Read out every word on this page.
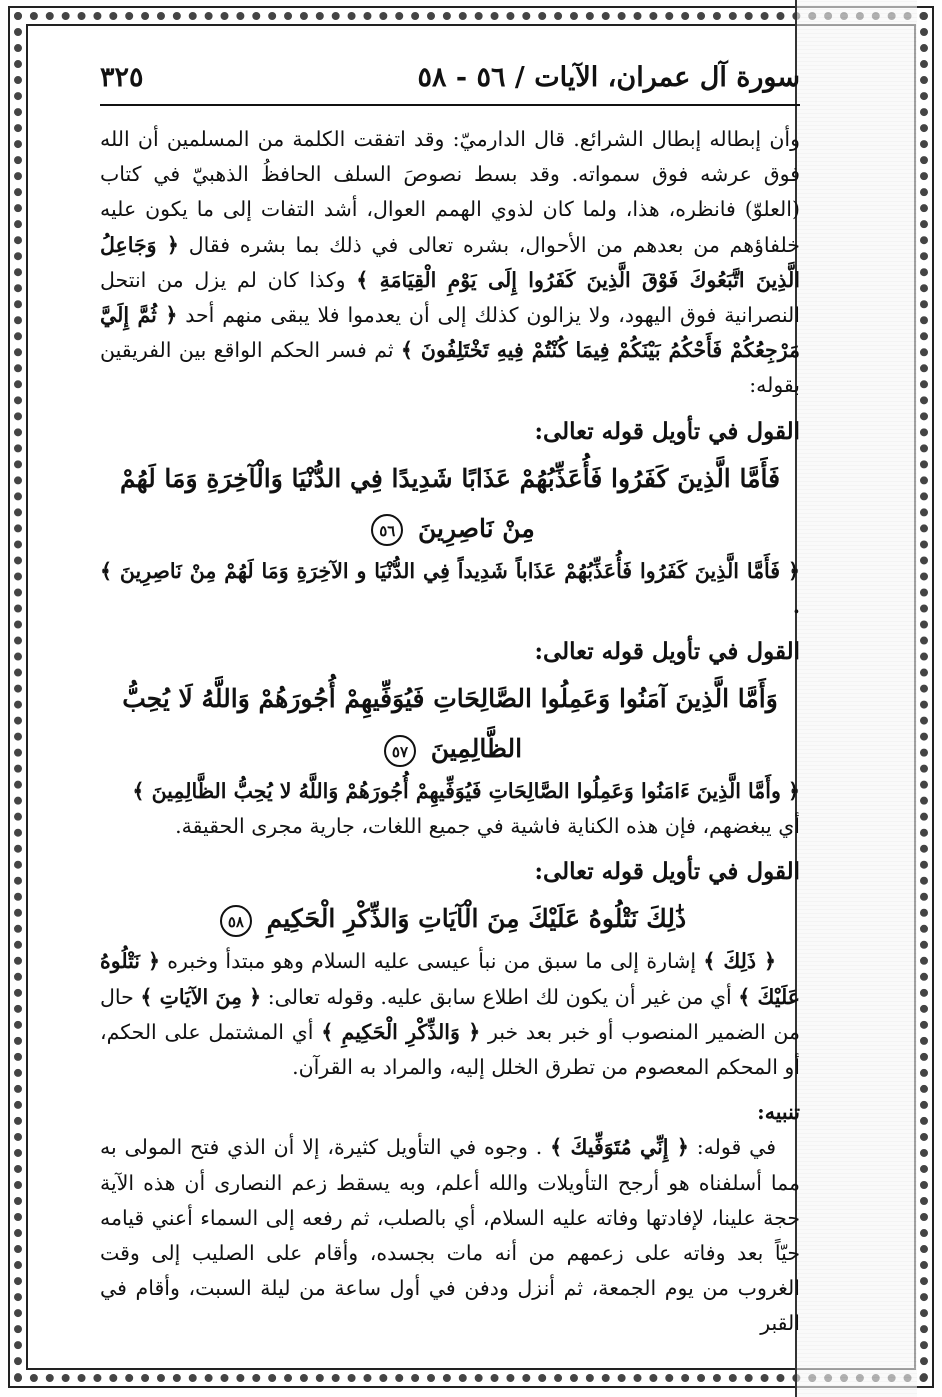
سورة آل عمران، الآيات / ٥٦ - ٥٨
٣٢٥

وأن إبطاله إبطال الشرائع. قال الدارميّ: وقد اتفقت الكلمة من المسلمين أن الله فوق عرشه فوق سمواته. وقد بسط نصوصَ السلف الحافظُ الذهبيّ في كتاب (العلوّ) فانظره، هذا، ولما كان لذوي الهمم العوال، أشد التفات إلى ما يكون عليه خلفاؤهم من بعدهم من الأحوال، بشره تعالى في ذلك بما بشره فقال ﴿ وَجَاعِلُ الَّذِينَ اتَّبَعُوكَ فَوْقَ الَّذِينَ كَفَرُوا إِلَى يَوْمِ الْقِيَامَةِ ﴾ وكذا كان لم يزل من انتحل النصرانية فوق اليهود، ولا يزالون كذلك إلى أن يعدموا فلا يبقى منهم أحد ﴿ ثُمَّ إِلَيَّ مَرْجِعُكُمْ فَأَحْكُمُ بَيْنَكُمْ فِيمَا كُنْتُمْ فِيهِ تَخْتَلِفُونَ ﴾ ثم فسر الحكم الواقع بين الفريقين بقوله:

القول في تأويل قوله تعالى:

فَأَمَّا الَّذِينَ كَفَرُوا فَأُعَذِّبُهُمْ عَذَابًا شَدِيدًا فِي الدُّنْيَا وَالْآخِرَةِ وَمَا لَهُمْ مِنْ نَاصِرِينَ ٥٦

﴿ فَأَمَّا الَّذِينَ كَفَرُوا فَأُعَذِّبُهُمْ عَذَاباً شَدِيداً فِي الدُّنْيَا و الآخِرَةِ وَمَا لَهُمْ مِنْ نَاصِرِينَ ﴾ .

القول في تأويل قوله تعالى:

وَأَمَّا الَّذِينَ آمَنُوا وَعَمِلُوا الصَّالِحَاتِ فَيُوَفِّيهِمْ أُجُورَهُمْ وَاللَّهُ لَا يُحِبُّ الظَّالِمِينَ ٥٧

﴿ وأَمَّا الَّذِينَ ءَامَنُوا وَعَمِلُوا الصَّالِحَاتِ فَيُوَفِّيهِمْ أُجُورَهُمْ وَاللَّهُ لا يُحِبُّ الظَّالِمِينَ ﴾

أي يبغضهم، فإن هذه الكناية فاشية في جميع اللغات، جارية مجرى الحقيقة.

القول في تأويل قوله تعالى:

ذَٰلِكَ نَتْلُوهُ عَلَيْكَ مِنَ الْآيَاتِ وَالذِّكْرِ الْحَكِيمِ ٥٨

﴿ ذَلِكَ ﴾ إشارة إلى ما سبق من نبأ عيسى عليه السلام وهو مبتدأ وخبره ﴿ نَتْلُوهُ عَلَيْكَ ﴾ أي من غير أن يكون لك اطلاع سابق عليه. وقوله تعالى: ﴿ مِنَ الآيَاتِ ﴾ حال من الضمير المنصوب أو خبر بعد خبر ﴿ وَالذِّكْرِ الْحَكِيمِ ﴾ أي المشتمل على الحكم، أو المحكم المعصوم من تطرق الخلل إليه، والمراد به القرآن.

تنبيه:

في قوله: ﴿ إِنِّي مُتَوَفِّيكَ ﴾ . وجوه في التأويل كثيرة، إلا أن الذي فتح المولى به مما أسلفناه هو أرجح التأويلات والله أعلم، وبه يسقط زعم النصارى أن هذه الآية حجة علينا، لإفادتها وفاته عليه السلام، أي بالصلب، ثم رفعه إلى السماء أعني قيامه حيّاً بعد وفاته على زعمهم من أنه مات بجسده، وأقام على الصليب إلى وقت الغروب من يوم الجمعة، ثم أنزل ودفن في أول ساعة من ليلة السبت، وأقام في القبر
